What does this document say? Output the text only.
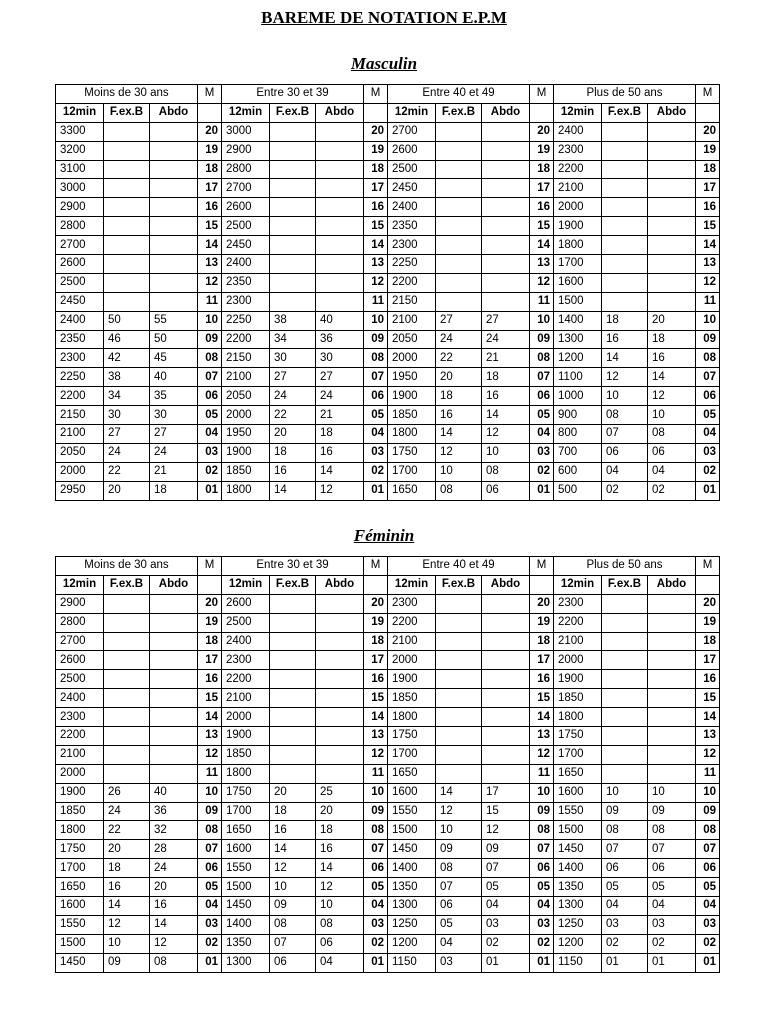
BAREME DE NOTATION E.P.M
Masculin
Moins de 30 ans			M	Entre 30 et 39			M	Entre 40 et 49			M	Plus de 50 ans			M
12min	F.ex.B	Abdo		12min	F.ex.B	Abdo		12min	F.ex.B	Abdo		12min	F.ex.B	Abdo	
3300			20	3000			20	2700			20	2400			20
3200			19	2900			19	2600			19	2300			19
3100			18	2800			18	2500			18	2200			18
3000			17	2700			17	2450			17	2100			17
2900			16	2600			16	2400			16	2000			16
2800			15	2500			15	2350			15	1900			15
2700			14	2450			14	2300			14	1800			14
2600			13	2400			13	2250			13	1700			13
2500			12	2350			12	2200			12	1600			12
2450			11	2300			11	2150			11	1500			11
2400	50	55	10	2250	38	40	10	2100	27	27	10	1400	18	20	10
2350	46	50	09	2200	34	36	09	2050	24	24	09	1300	16	18	09
2300	42	45	08	2150	30	30	08	2000	22	21	08	1200	14	16	08
2250	38	40	07	2100	27	27	07	1950	20	18	07	1100	12	14	07
2200	34	35	06	2050	24	24	06	1900	18	16	06	1000	10	12	06
2150	30	30	05	2000	22	21	05	1850	16	14	05	900	08	10	05
2100	27	27	04	1950	20	18	04	1800	14	12	04	800	07	08	04
2050	24	24	03	1900	18	16	03	1750	12	10	03	700	06	06	03
2000	22	21	02	1850	16	14	02	1700	10	08	02	600	04	04	02
2950	20	18	01	1800	14	12	01	1650	08	06	01	500	02	02	01
Féminin
Moins de 30 ans			M	Entre 30 et 39			M	Entre 40 et 49			M	Plus de 50 ans			M
12min	F.ex.B	Abdo		12min	F.ex.B	Abdo		12min	F.ex.B	Abdo		12min	F.ex.B	Abdo	
2900			20	2600			20	2300			20	2300			20
2800			19	2500			19	2200			19	2200			19
2700			18	2400			18	2100			18	2100			18
2600			17	2300			17	2000			17	2000			17
2500			16	2200			16	1900			16	1900			16
2400			15	2100			15	1850			15	1850			15
2300			14	2000			14	1800			14	1800			14
2200			13	1900			13	1750			13	1750			13
2100			12	1850			12	1700			12	1700			12
2000			11	1800			11	1650			11	1650			11
1900	26	40	10	1750	20	25	10	1600	14	17	10	1600	10	10	10
1850	24	36	09	1700	18	20	09	1550	12	15	09	1550	09	09	09
1800	22	32	08	1650	16	18	08	1500	10	12	08	1500	08	08	08
1750	20	28	07	1600	14	16	07	1450	09	09	07	1450	07	07	07
1700	18	24	06	1550	12	14	06	1400	08	07	06	1400	06	06	06
1650	16	20	05	1500	10	12	05	1350	07	05	05	1350	05	05	05
1600	14	16	04	1450	09	10	04	1300	06	04	04	1300	04	04	04
1550	12	14	03	1400	08	08	03	1250	05	03	03	1250	03	03	03
1500	10	12	02	1350	07	06	02	1200	04	02	02	1200	02	02	02
1450	09	08	01	1300	06	04	01	1150	03	01	01	1150	01	01	01
